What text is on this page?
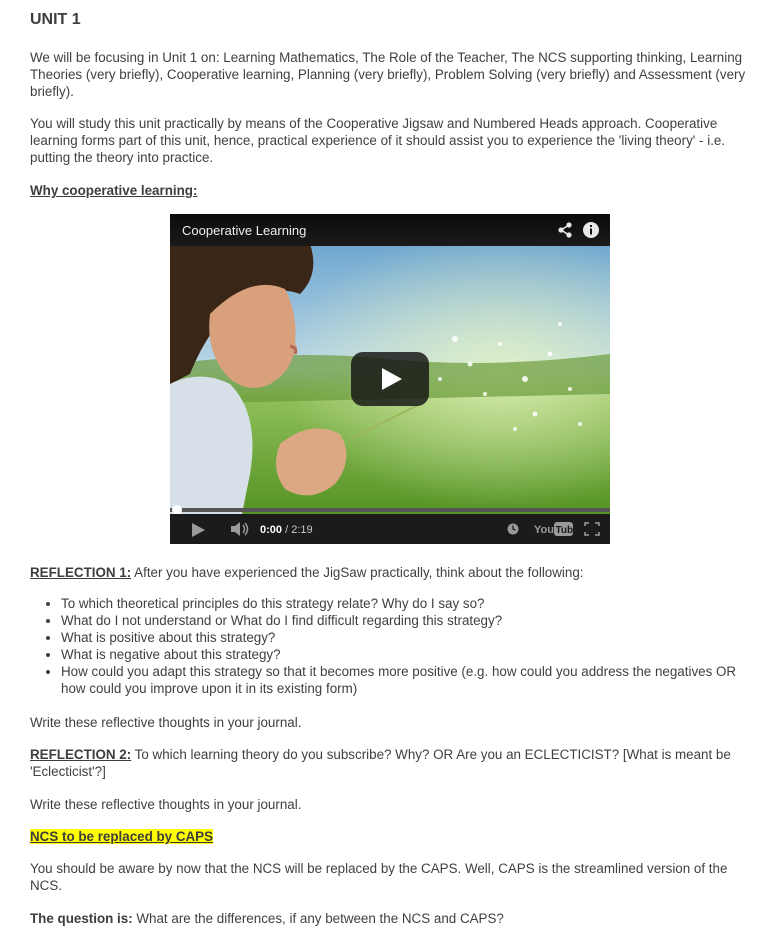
UNIT 1

We will be focusing in Unit 1 on: Learning Mathematics, The Role of the Teacher, The NCS supporting thinking, Learning Theories (very briefly), Cooperative learning, Planning (very briefly), Problem Solving (very briefly) and Assessment (very briefly).

You will study this unit practically by means of the Cooperative Jigsaw and Numbered Heads approach. Cooperative learning forms part of this unit, hence, practical experience of it should assist you to experience the 'living theory' - i.e. putting the theory into practice.

Why cooperative learning:

Cooperative Learning
0:00 / 2:19	You Tube

REFLECTION 1: After you have experienced the JigSaw practically, think about the following:

• To which theoretical principles do this strategy relate? Why do I say so?
• What do I not understand or What do I find difficult regarding this strategy?
• What is positive about this strategy?
• What is negative about this strategy?
• How could you adapt this strategy so that it becomes more positive (e.g. how could you address the negatives OR how could you improve upon it in its existing form)

Write these reflective thoughts in your journal.

REFLECTION 2: To which learning theory do you subscribe? Why? OR Are you an ECLECTICIST? [What is meant be 'Eclecticist'?]

Write these reflective thoughts in your journal.

NCS to be replaced by CAPS

You should be aware by now that the NCS will be replaced by the CAPS. Well, CAPS is the streamlined version of the NCS.

The question is: What are the differences, if any between the NCS and CAPS?
